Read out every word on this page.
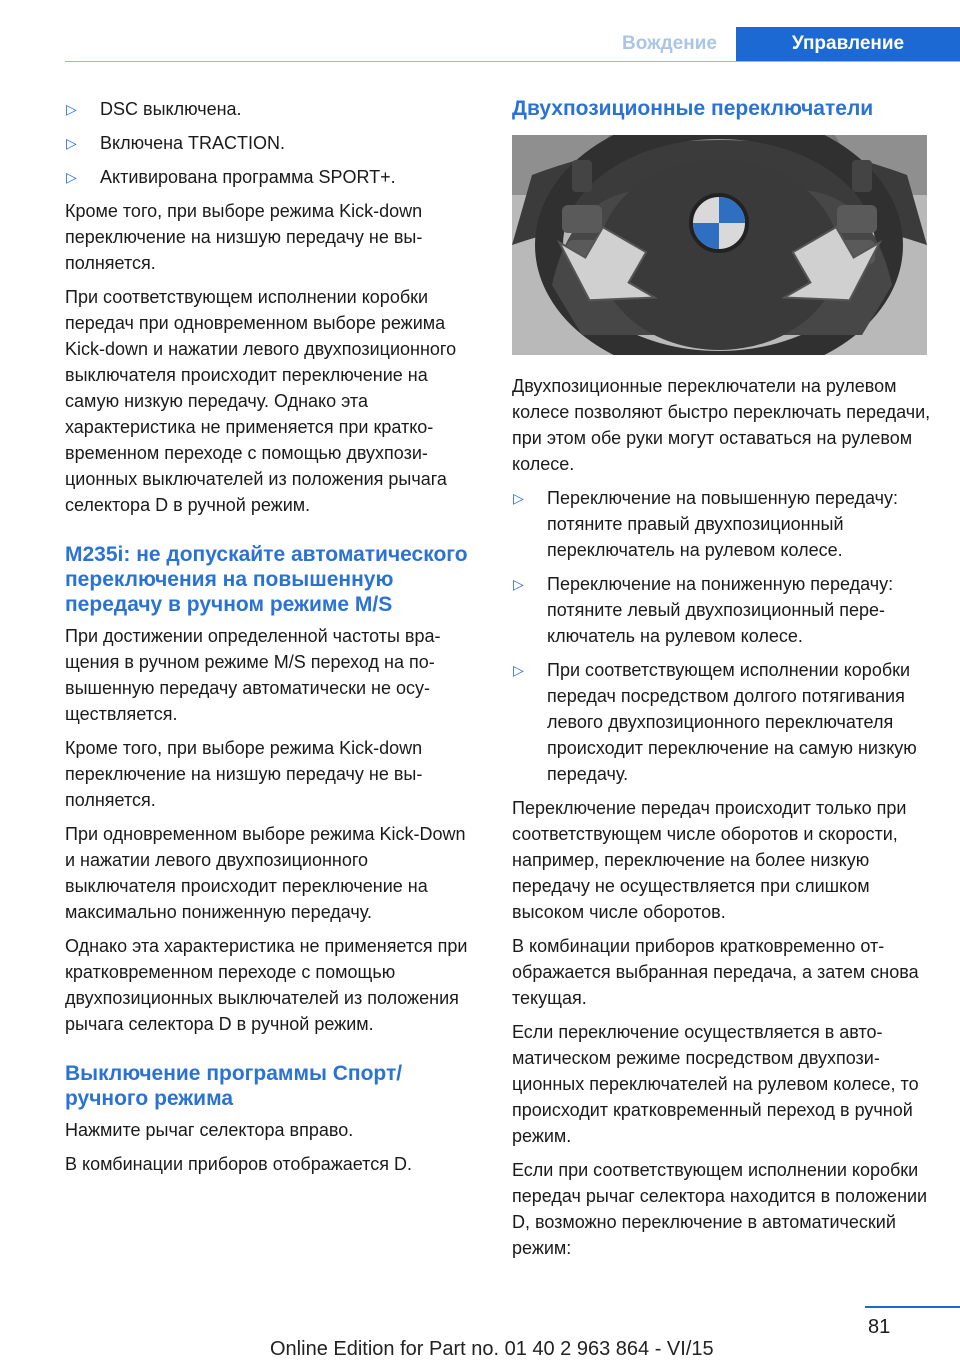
Вождение	Управление
▷ DSC выключена.
▷ Включена TRACTION.
▷ Активирована программа SPORT+.

Кроме того, при выборе режима Kick-down переключение на низшую передачу не выполняется.

При соответствующем исполнении коробки передач при одновременном выборе режима Kick-down и нажатии левого двухпозиционного выключателя происходит переключение на самую низкую передачу. Однако эта характеристика не применяется при кратковременном переходе с помощью двухпозиционных выключателей из положения рычага селектора D в ручной режим.

M235i: не допускайте автоматического переключения на повышенную передачу в ручном режиме M/S

При достижении определенной частоты вращения в ручном режиме M/S переход на повышенную передачу автоматически не осуществляется.

Кроме того, при выборе режима Kick-down переключение на низшую передачу не выполняется.

При одновременном выборе режима Kick-Down и нажатии левого двухпозиционного выключателя происходит переключение на максимально пониженную передачу.

Однако эта характеристика не применяется при кратковременном переходе с помощью двухпозиционных выключателей из положения рычага селектора D в ручной режим.

Выключение программы Спорт/ручного режима

Нажмите рычаг селектора вправо.

В комбинации приборов отображается D.

Двухпозиционные переключатели

Двухпозиционные переключатели на рулевом колесе позволяют быстро переключать передачи, при этом обе руки могут оставаться на рулевом колесе.

▷ Переключение на повышенную передачу: потяните правый двухпозиционный переключатель на рулевом колесе.
▷ Переключение на пониженную передачу: потяните левый двухпозиционный переключатель на рулевом колесе.
▷ При соответствующем исполнении коробки передач посредством долгого потягивания левого двухпозиционного переключателя происходит переключение на самую низкую передачу.

Переключение передач происходит только при соответствующем числе оборотов и скорости, например, переключение на более низкую передачу не осуществляется при слишком высоком числе оборотов.

В комбинации приборов кратковременно отображается выбранная передача, а затем снова текущая.

Если переключение осуществляется в автоматическом режиме посредством двухпозиционных переключателей на рулевом колесе, то происходит кратковременный переход в ручной режим.

Если при соответствующем исполнении коробки передач рычаг селектора находится в положении D, возможно переключение в автоматический режим:

81
Online Edition for Part no. 01 40 2 963 864 - VI/15
